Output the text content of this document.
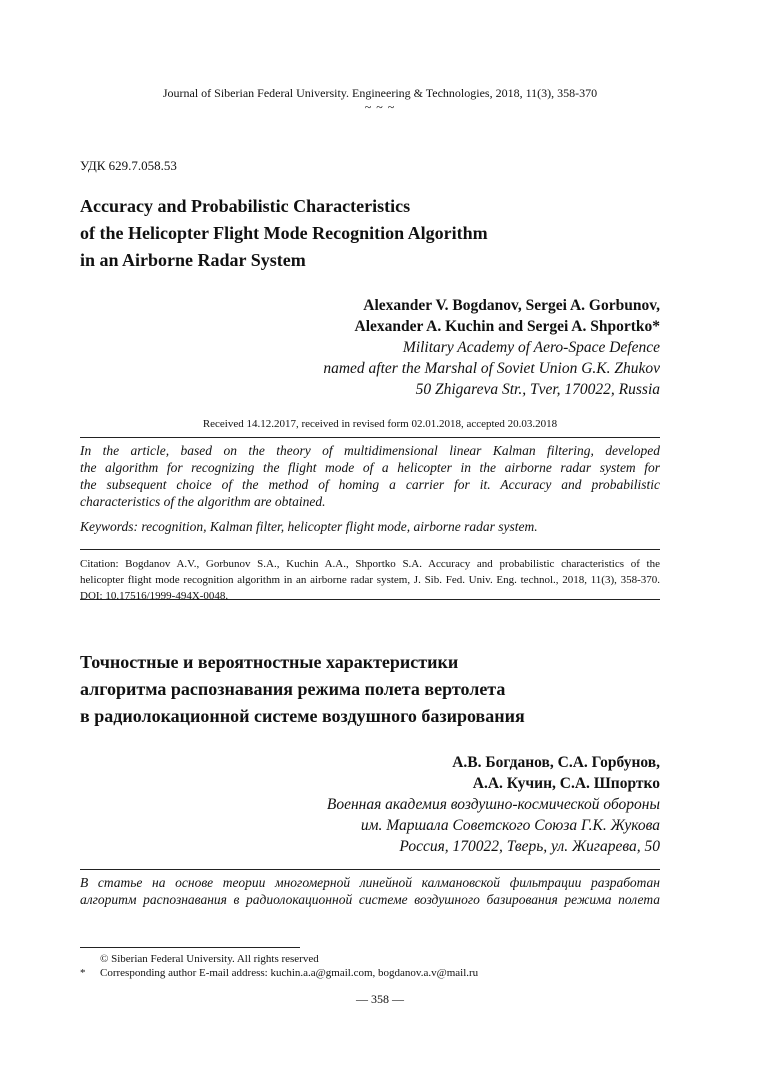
Journal of Siberian Federal University. Engineering & Technologies, 2018, 11(3), 358-370
~ ~ ~
УДК 629.7.058.53
Accuracy and Probabilistic Characteristics
of the Helicopter Flight Mode Recognition Algorithm
in an Airborne Radar System
Alexander V. Bogdanov, Sergei A. Gorbunov,
Alexander A. Kuchin and Sergei A. Shportko*
Military Academy of Aero-Space Defence
named after the Marshal of Soviet Union G.K. Zhukov
50 Zhigareva Str., Tver, 170022, Russia
Received 14.12.2017, received in revised form 02.01.2018, accepted 20.03.2018
In the article, based on the theory of multidimensional linear Kalman filtering, developed
the algorithm for recognizing the flight mode of a helicopter in the airborne radar system for
the subsequent choice of the method of homing a carrier for it. Accuracy and probabilistic
characteristics of the algorithm are obtained.
Keywords: recognition, Kalman filter, helicopter flight mode, airborne radar system.
Citation: Bogdanov A.V., Gorbunov S.A., Kuchin A.A., Shportko S.A. Accuracy and probabilistic characteristics of the
helicopter flight mode recognition algorithm in an airborne radar system, J. Sib. Fed. Univ. Eng. technol., 2018, 11(3), 358-370.
DOI: 10.17516/1999-494X-0048.
Точностные и вероятностные характеристики
алгоритма распознавания режима полета вертолета
в радиолокационной системе воздушного базирования
А.В. Богданов, С.А. Горбунов,
А.А. Кучин, С.А. Шпортко
Военная академия воздушно-космической обороны
им. Маршала Советского Союза Г.К. Жукова
Россия, 170022, Тверь, ул. Жигарева, 50
В статье на основе теории многомерной линейной калмановской фильтрации разработан
алгоритм распознавания в радиолокационной системе воздушного базирования режима полета
© Siberian Federal University. All rights reserved
* Corresponding author E-mail address: kuchin.a.a@gmail.com, bogdanov.a.v@mail.ru
— 358 —
